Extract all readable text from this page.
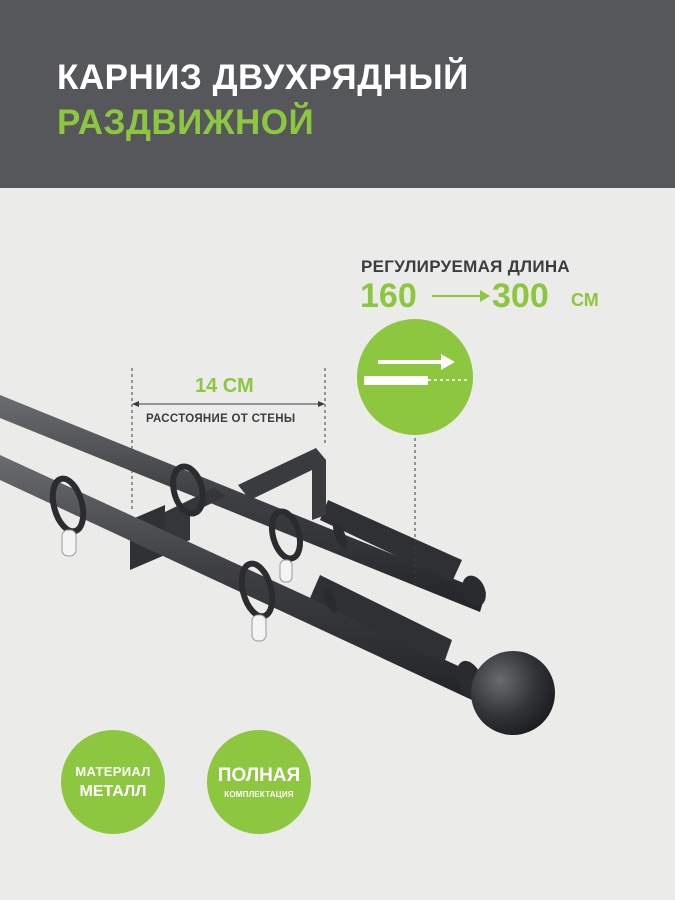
КАРНИЗ ДВУХРЯДНЫЙ
РАЗДВИЖНОЙ
РЕГУЛИРУЕМАЯ ДЛИНА
160 300 СМ
14 СМ
РАССТОЯНИЕ ОТ СТЕНЫ
МАТЕРИАЛ
МЕТАЛЛ
ПОЛНАЯ
КОМПЛЕКТАЦИЯ
